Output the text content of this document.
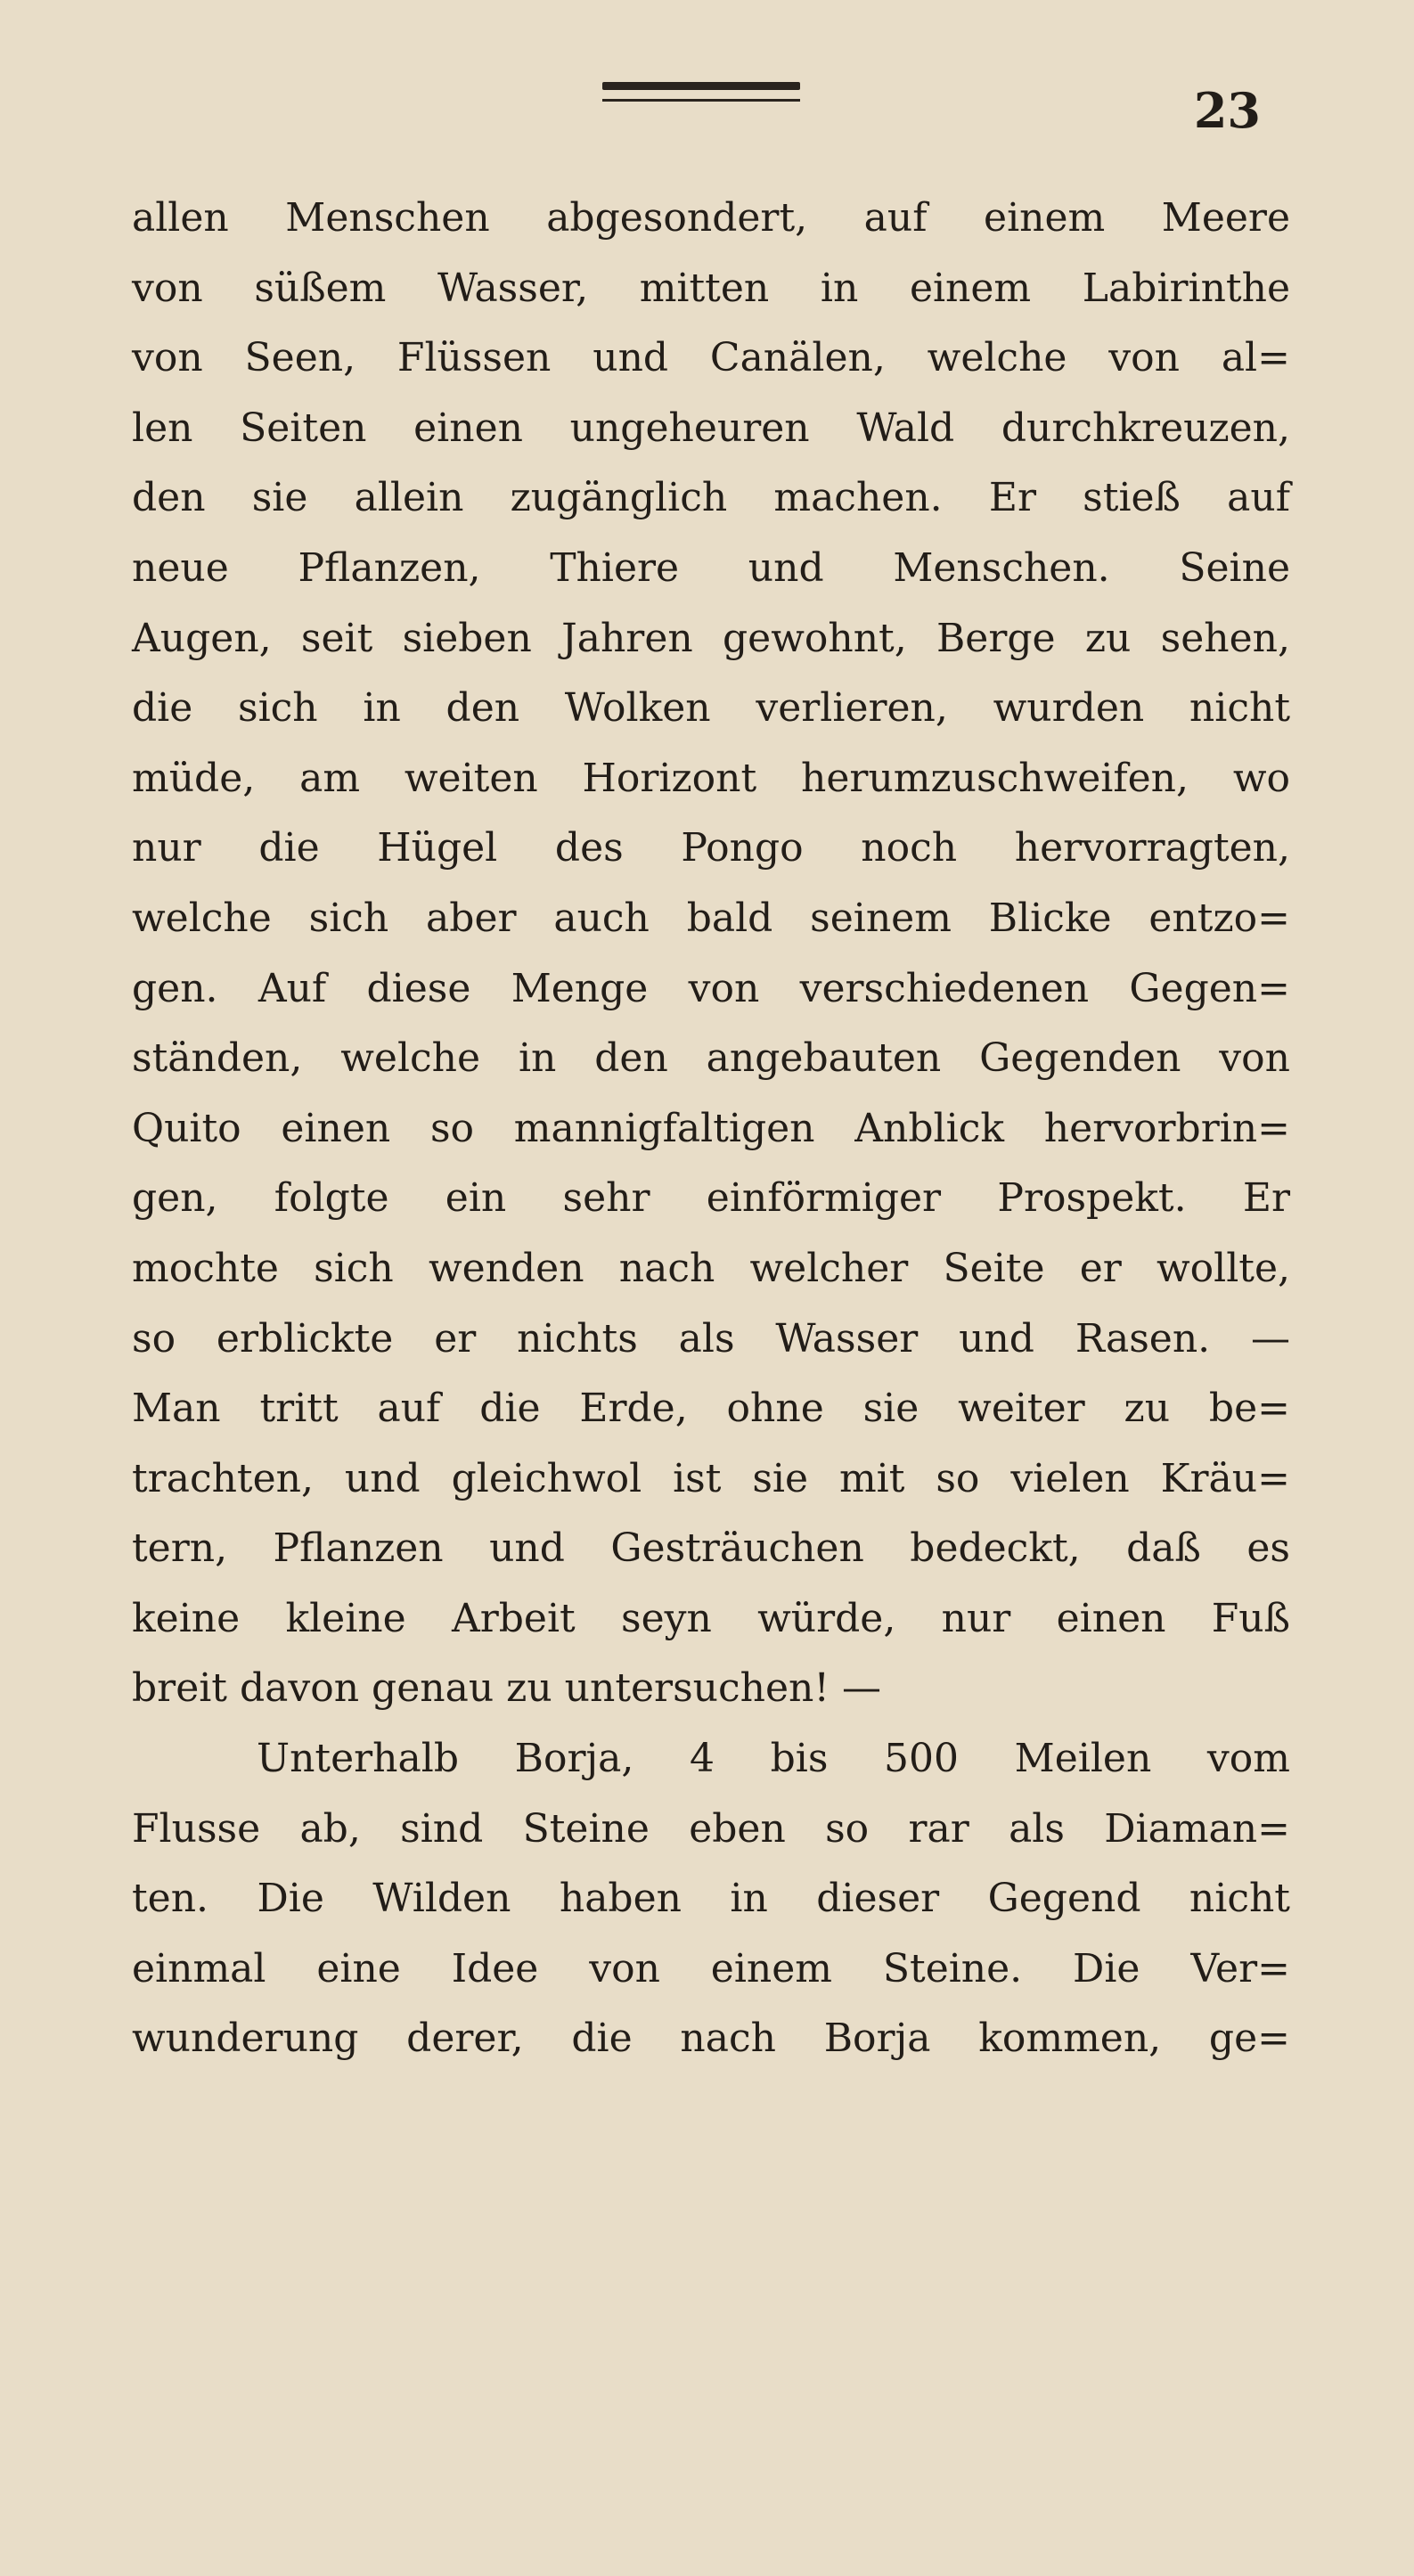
23
allen Menschen abgesondert, auf einem Meere
von süßem Wasser, mitten in einem Labirinthe
von Seen, Flüssen und Canälen, welche von al=
len Seiten einen ungeheuren Wald durchkreuzen,
den sie allein zugänglich machen. Er stieß auf
neue Pflanzen, Thiere und Menschen. Seine
Augen, seit sieben Jahren gewohnt, Berge zu sehen,
die sich in den Wolken verlieren, wurden nicht
müde, am weiten Horizont herumzuschweifen, wo
nur die Hügel des Pongo noch hervorragten,
welche sich aber auch bald seinem Blicke entzo=
gen. Auf diese Menge von verschiedenen Gegen=
ständen, welche in den angebauten Gegenden von
Quito einen so mannigfaltigen Anblick hervorbrin=
gen, folgte ein sehr einförmiger Prospekt. Er
mochte sich wenden nach welcher Seite er wollte,
so erblickte er nichts als Wasser und Rasen. —
Man tritt auf die Erde, ohne sie weiter zu be=
trachten, und gleichwol ist sie mit so vielen Kräu=
tern, Pflanzen und Gesträuchen bedeckt, daß es
keine kleine Arbeit seyn würde, nur einen Fuß
breit davon genau zu untersuchen! —
Unterhalb Borja, 4 bis 500 Meilen vom
Flusse ab, sind Steine eben so rar als Diaman=
ten. Die Wilden haben in dieser Gegend nicht
einmal eine Idee von einem Steine. Die Ver=
wunderung derer, die nach Borja kommen, ge=
